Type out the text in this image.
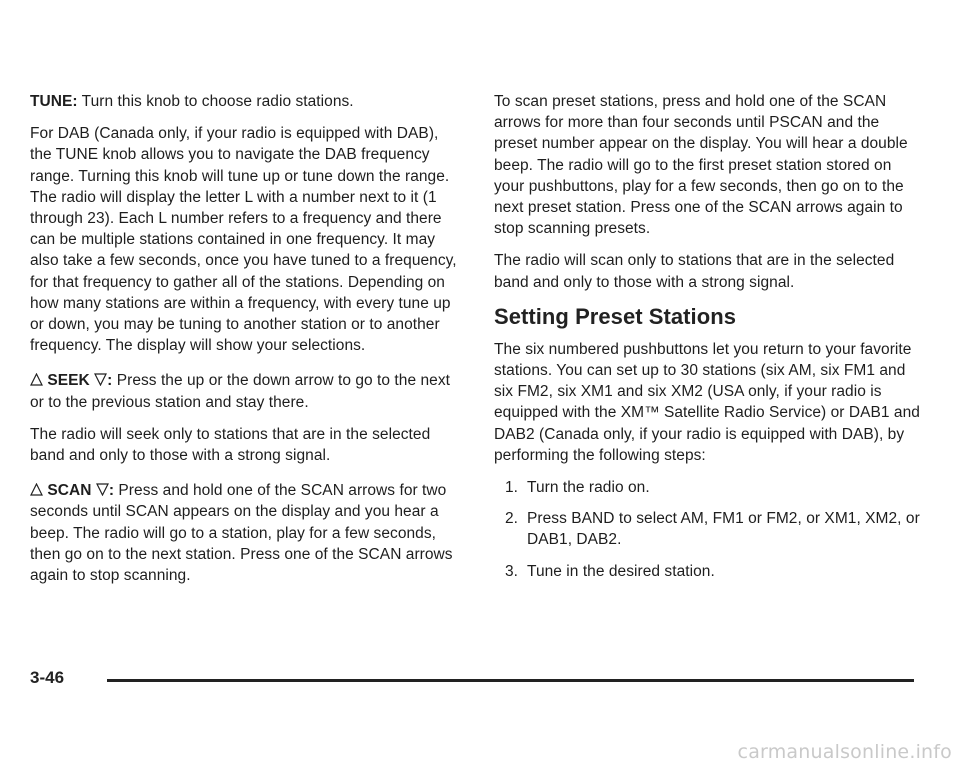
TUNE: Turn this knob to choose radio stations.

For DAB (Canada only, if your radio is equipped with DAB), the TUNE knob allows you to navigate the DAB frequency range. Turning this knob will tune up or tune down the range. The radio will display the letter L with a number next to it (1 through 23). Each L number refers to a frequency and there can be multiple stations contained in one frequency. It may also take a few seconds, once you have tuned to a frequency, for that frequency to gather all of the stations. Depending on how many stations are within a frequency, with every tune up or down, you may be tuning to another station or to another frequency. The display will show your selections.

SEEK : Press the up or the down arrow to go to the next or to the previous station and stay there.

The radio will seek only to stations that are in the selected band and only to those with a strong signal.

SCAN : Press and hold one of the SCAN arrows for two seconds until SCAN appears on the display and you hear a beep. The radio will go to a station, play for a few seconds, then go on to the next station. Press one of the SCAN arrows again to stop scanning.

To scan preset stations, press and hold one of the SCAN arrows for more than four seconds until PSCAN and the preset number appear on the display. You will hear a double beep. The radio will go to the first preset station stored on your pushbuttons, play for a few seconds, then go on to the next preset station. Press one of the SCAN arrows again to stop scanning presets.

The radio will scan only to stations that are in the selected band and only to those with a strong signal.

Setting Preset Stations

The six numbered pushbuttons let you return to your favorite stations. You can set up to 30 stations (six AM, six FM1 and six FM2, six XM1 and six XM2 (USA only, if your radio is equipped with the XM™ Satellite Radio Service) or DAB1 and DAB2 (Canada only, if your radio is equipped with DAB), by performing the following steps:

1. Turn the radio on.
2. Press BAND to select AM, FM1 or FM2, or XM1, XM2, or DAB1, DAB2.
3. Tune in the desired station.
3-46
carmanualsonline.info
